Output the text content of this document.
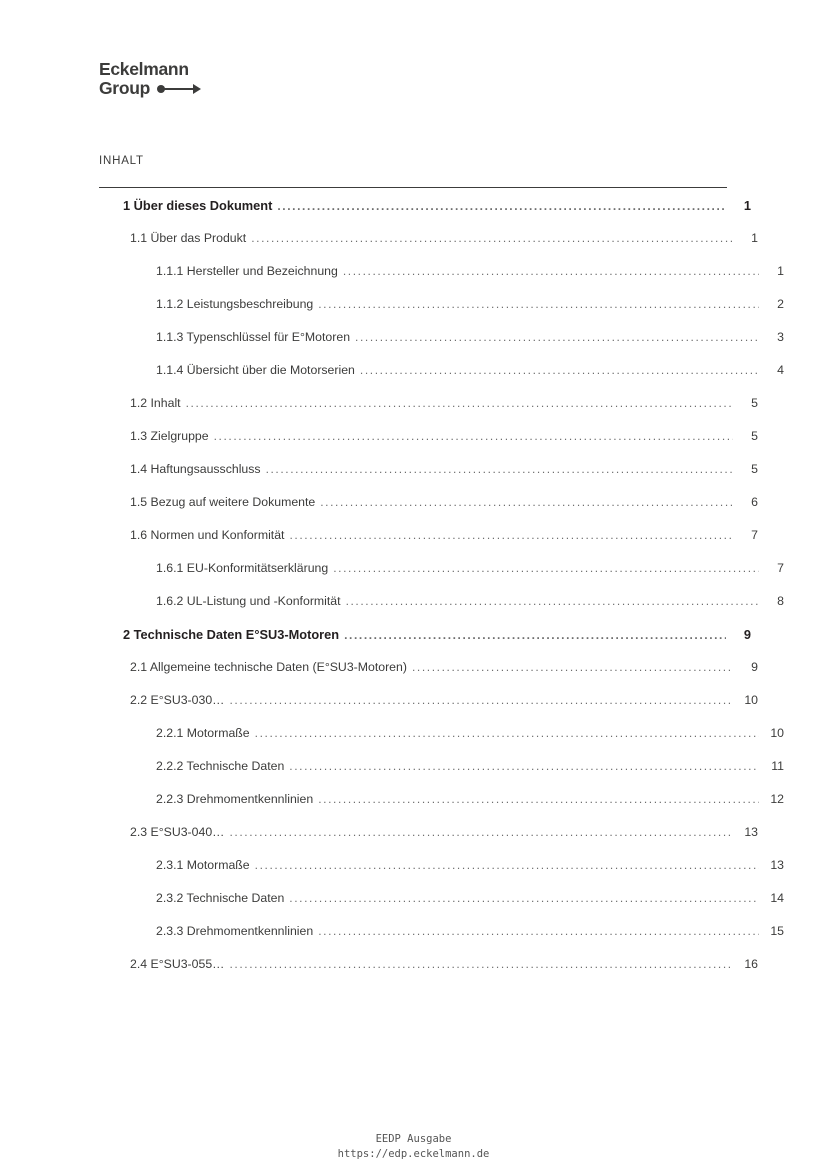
Eckelmann
Group
INHALT
1 Über dieses Dokument .....	1
1.1 Über das Produkt .....	1
1.1.1 Hersteller und Bezeichnung .....	1
1.1.2 Leistungsbeschreibung .....	2
1.1.3 Typenschlüssel für E°Motoren .....	3
1.1.4 Übersicht über die Motorserien .....	4
1.2 Inhalt .....	5
1.3 Zielgruppe .....	5
1.4 Haftungsausschluss .....	5
1.5 Bezug auf weitere Dokumente .....	6
1.6 Normen und Konformität .....	7
1.6.1 EU-Konformitätserklärung .....	7
1.6.2 UL-Listung und -Konformität .....	8
2 Technische Daten E°SU3-Motoren .....	9
2.1 Allgemeine technische Daten (E°SU3-Motoren) .....	9
2.2 E°SU3-030… .....	10
2.2.1 Motormaße .....	10
2.2.2 Technische Daten .....	11
2.2.3 Drehmomentkennlinien .....	12
2.3 E°SU3-040… .....	13
2.3.1 Motormaße .....	13
2.3.2 Technische Daten .....	14
2.3.3 Drehmomentkennlinien .....	15
2.4 E°SU3-055… .....	16
EEDP Ausgabe
https://edp.eckelmann.de
